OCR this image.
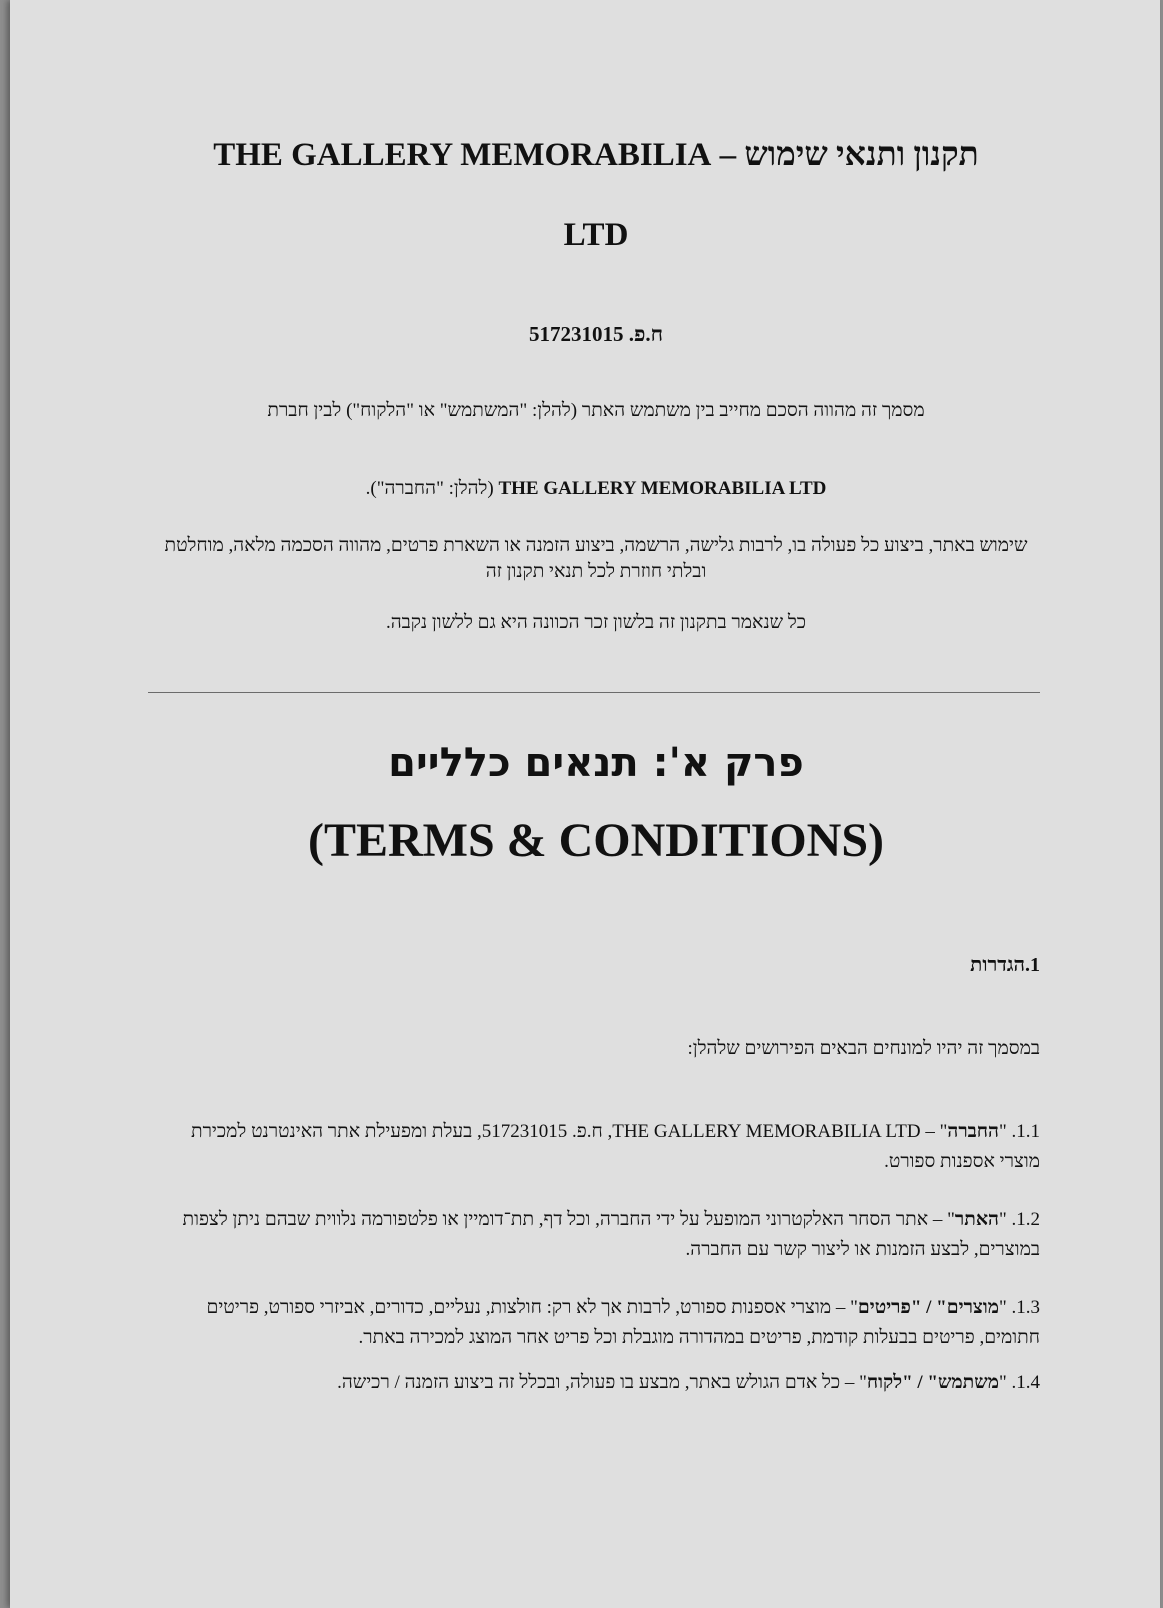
תקנון ותנאי שימוש – THE GALLERY MEMORABILIA
LTD
ח.פ. 517231015
מסמך זה מהווה הסכם מחייב בין משתמש האתר (להלן: "המשתמש" או "הלקוח") לבין חברת
THE GALLERY MEMORABILIA LTD (להלן: "החברה").
שימוש באתר, ביצוע כל פעולה בו, לרבות גלישה, הרשמה, ביצוע הזמנה או השארת פרטים, מהווה הסכמה מלאה, מוחלטת ובלתי חוזרת לכל תנאי תקנון זה
כל שנאמר בתקנון זה בלשון זכר הכוונה היא גם ללשון נקבה.
פרק א': תנאים כלליים
(TERMS & CONDITIONS)
1.הגדרות
במסמך זה יהיו למונחים הבאים הפירושים שלהלן:
1.1. "החברה" – THE GALLERY MEMORABILIA LTD, ח.פ. 517231015, בעלת ומפעילת אתר האינטרנט למכירת מוצרי אספנות ספורט.
1.2. "האתר" – אתר הסחר האלקטרוני המופעל על ידי החברה, וכל דף, תת־דומיין או פלטפורמה נלווית שבהם ניתן לצפות במוצרים, לבצע הזמנות או ליצור קשר עם החברה.
1.3. "מוצרים" / "פריטים" – מוצרי אספנות ספורט, לרבות אך לא רק: חולצות, נעליים, כדורים, אביזרי ספורט, פריטים חתומים, פריטים בבעלות קודמת, פריטים במהדורה מוגבלת וכל פריט אחר המוצג למכירה באתר.
1.4. "משתמש" / "לקוח" – כל אדם הגולש באתר, מבצע בו פעולה, ובכלל זה ביצוע הזמנה / רכישה.
